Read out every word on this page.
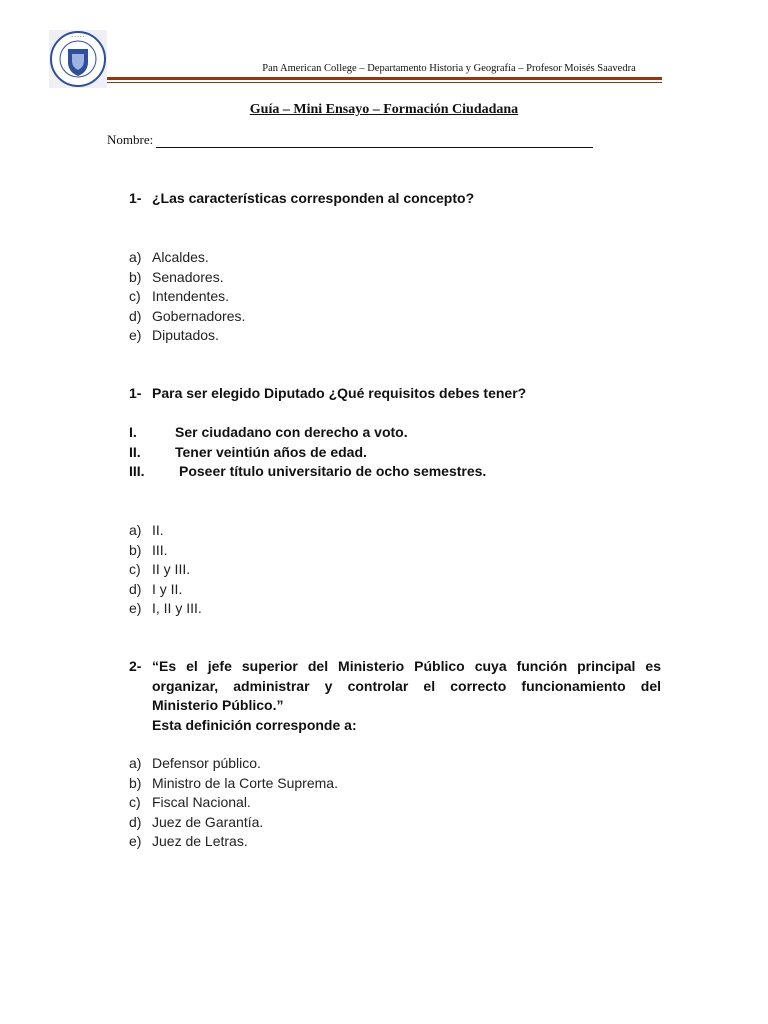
· · · · ·
Pan American College – Departamento Historia y Geografía – Profesor Moisés Saavedra
Guía – Mini Ensayo – Formación Ciudadana
Nombre:
1- ¿Las características corresponden al concepto?
a) Alcaldes.
b) Senadores.
c) Intendentes.
d) Gobernadores.
e) Diputados.
1- Para ser elegido Diputado ¿Qué requisitos debes tener?
I.	Ser ciudadano con derecho a voto.
II. Tener veintiún años de edad.
III. Poseer título universitario de ocho semestres.
a) II.
b) III.
c) II y III.
d) I y II.
e) I, II y III.
2- “Es el jefe superior del Ministerio Público cuya función principal es
organizar, administrar y controlar el correcto funcionamiento del
Ministerio Público.”
Esta definición corresponde a:
a) Defensor público.
b) Ministro de la Corte Suprema.
c) Fiscal Nacional.
d) Juez de Garantía.
e) Juez de Letras.
